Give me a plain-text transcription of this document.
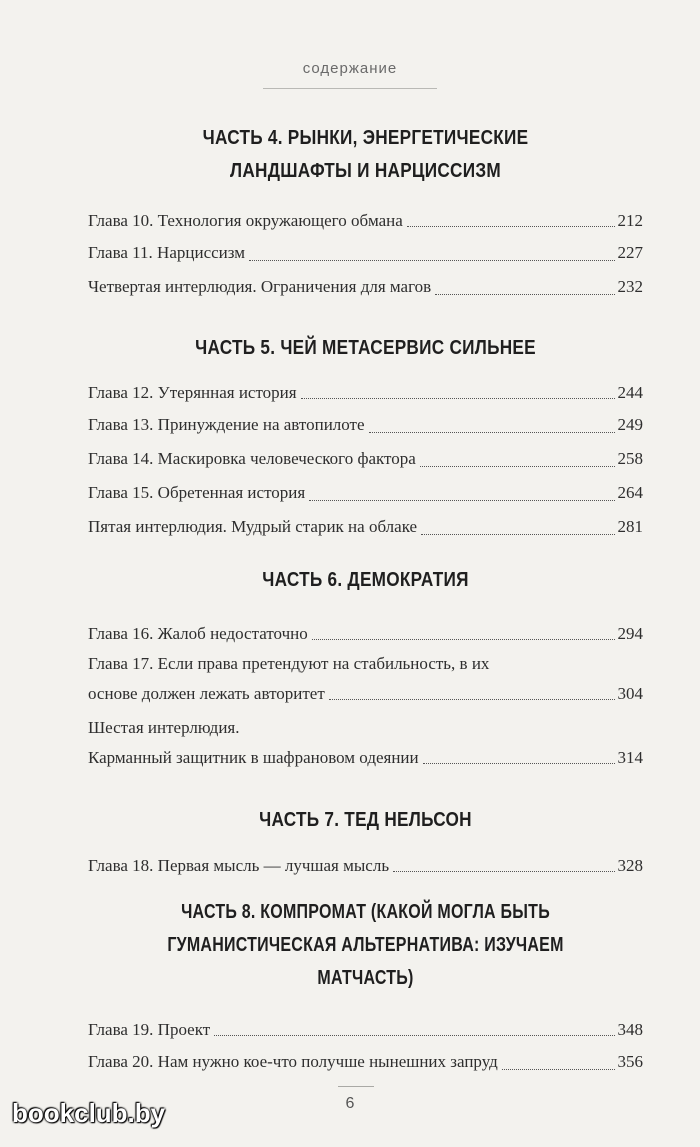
содержание
ЧАСТЬ 4. РЫНКИ, ЭНЕРГЕТИЧЕСКИЕ
ЛАНДШАФТЫ И НАРЦИССИЗМ
Глава 10. Технология окружающего обмана	212
Глава 11. Нарциссизм	227
Четвертая интерлюдия. Ограничения для магов	232
ЧАСТЬ 5. ЧЕЙ МЕТАСЕРВИС СИЛЬНЕЕ
Глава 12. Утерянная история	244
Глава 13. Принуждение на автопилоте	249
Глава 14. Маскировка человеческого фактора	258
Глава 15. Обретенная история	264
Пятая интерлюдия. Мудрый старик на облаке	281
ЧАСТЬ 6. ДЕМОКРАТИЯ
Глава 16. Жалоб недостаточно	294
Глава 17. Если права претендуют на стабильность, в их
основе должен лежать авторитет	304
Шестая интерлюдия.
Карманный защитник в шафрановом одеянии	314
ЧАСТЬ 7. ТЕД НЕЛЬСОН
Глава 18. Первая мысль — лучшая мысль	328
ЧАСТЬ 8. КОМПРОМАТ (КАКОЙ МОГЛА БЫТЬ
ГУМАНИСТИЧЕСКАЯ АЛЬТЕРНАТИВА: ИЗУЧАЕМ МАТЧАСТЬ)
Глава 19. Проект	348
Глава 20. Нам нужно кое-что получше нынешних запруд	356
6
bookclub.by
